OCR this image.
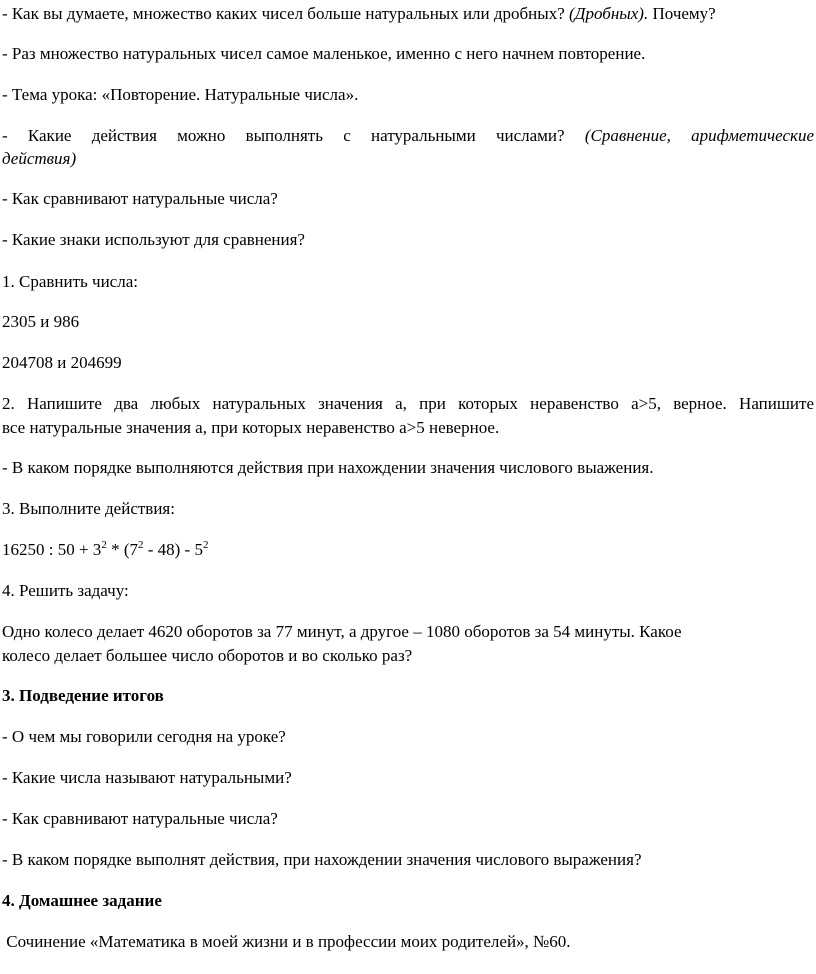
- Как вы думаете, множество каких чисел больше натуральных или дробных? (Дробных). Почему?
- Раз множество натуральных чисел самое маленькое, именно с него начнем повторение.
- Тема урока: «Повторение. Натуральные числа».
- Какие действия можно выполнять с натуральными числами? (Сравнение, арифметические
действия)
- Как сравнивают натуральные числа?
- Какие знаки используют для сравнения?
1. Сравнить числа:
2305 и 986
204708 и 204699
2. Напишите два любых натуральных значения а, при которых неравенство а>5, верное. Напишите
все натуральные значения а, при которых неравенство а>5 неверное.
- В каком порядке выполняются действия при нахождении значения числового выажения.
3. Выполните действия:
16250 : $50 + 3^2 * (7^2 - 48) - 5^2$
4. Решить задачу:
Одно колесо делает 4620 оборотов за 77 минут, а другое – 1080 оборотов за 54 минуты. Какое
колесо делает большее число оборотов и во сколько раз?
3. Подведение итогов
- О чем мы говорили сегодня на уроке?
- Какие числа называют натуральными?
- Как сравнивают натуральные числа?
- В каком порядке выполнят действия, при нахождении значения числового выражения?
4. Домашнее задание
Сочинение «Математика в моей жизни и в профессии моих родителей», №60.
